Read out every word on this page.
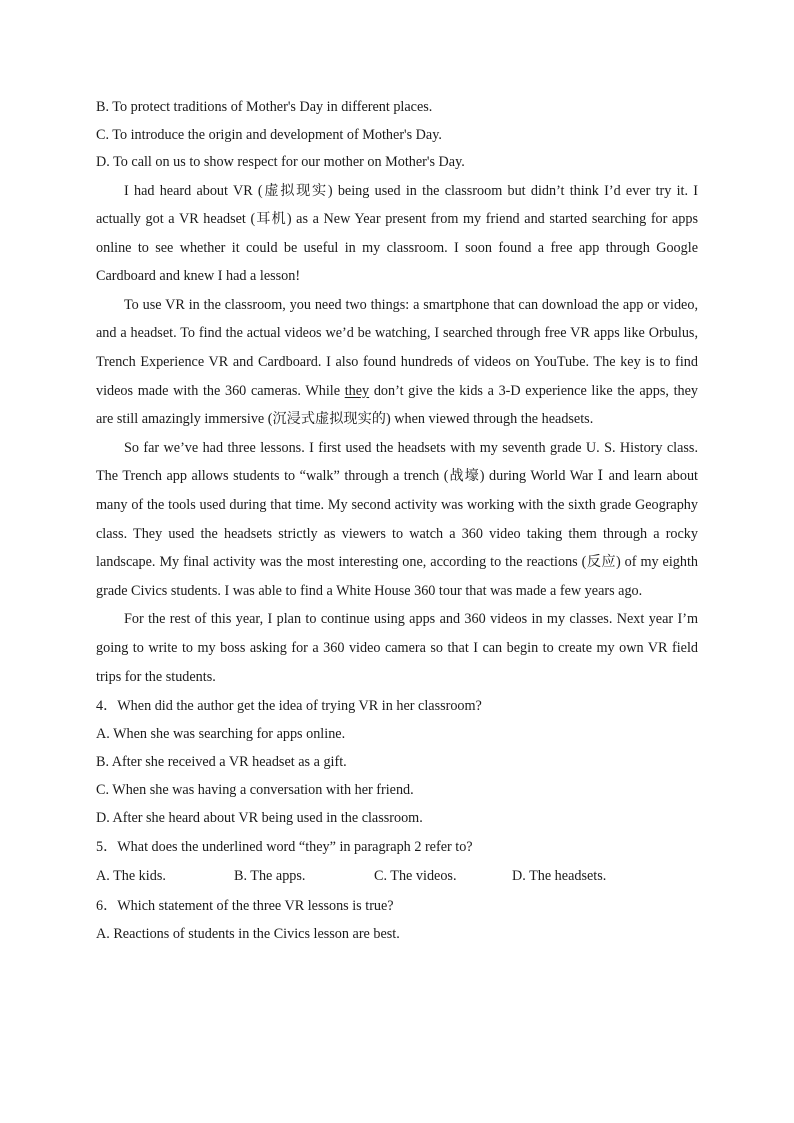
B. To protect traditions of Mother's Day in different places.
C. To introduce the origin and development of Mother's Day.
D. To call on us to show respect for our mother on Mother's Day.
I had heard about VR (虚拟现实) being used in the classroom but didn’t think I’d ever try it. I actually got a VR headset (耳机) as a New Year present from my friend and started searching for apps online to see whether it could be useful in my classroom. I soon found a free app through Google Cardboard and knew I had a lesson!
To use VR in the classroom, you need two things: a smartphone that can download the app or video, and a headset. To find the actual videos we’d be watching, I searched through free VR apps like Orbulus, Trench Experience VR and Cardboard. I also found hundreds of videos on YouTube. The key is to find videos made with the 360 cameras. While they don’t give the kids a 3-D experience like the apps, they are still amazingly immersive (沉浸式虚拟现实的) when viewed through the headsets.
So far we’ve had three lessons. I first used the headsets with my seventh grade U. S. History class. The Trench app allows students to “walk” through a trench (战壕) during World War Ⅰ and learn about many of the tools used during that time. My second activity was working with the sixth grade Geography class. They used the headsets strictly as viewers to watch a 360 video taking them through a rocky landscape. My final activity was the most interesting one, according to the reactions (反应) of my eighth grade Civics students. I was able to find a White House 360 tour that was made a few years ago.
For the rest of this year, I plan to continue using apps and 360 videos in my classes. Next year I’m going to write to my boss asking for a 360 video camera so that I can begin to create my own VR field trips for the students.
4．When did the author get the idea of trying VR in her classroom?
A. When she was searching for apps online.
B. After she received a VR headset as a gift.
C. When she was having a conversation with her friend.
D. After she heard about VR being used in the classroom.
5．What does the underlined word “they” in paragraph 2 refer to?
A. The kids.	B. The apps.	C. The videos.	D. The headsets.
6．Which statement of the three VR lessons is true?
A. Reactions of students in the Civics lesson are best.
